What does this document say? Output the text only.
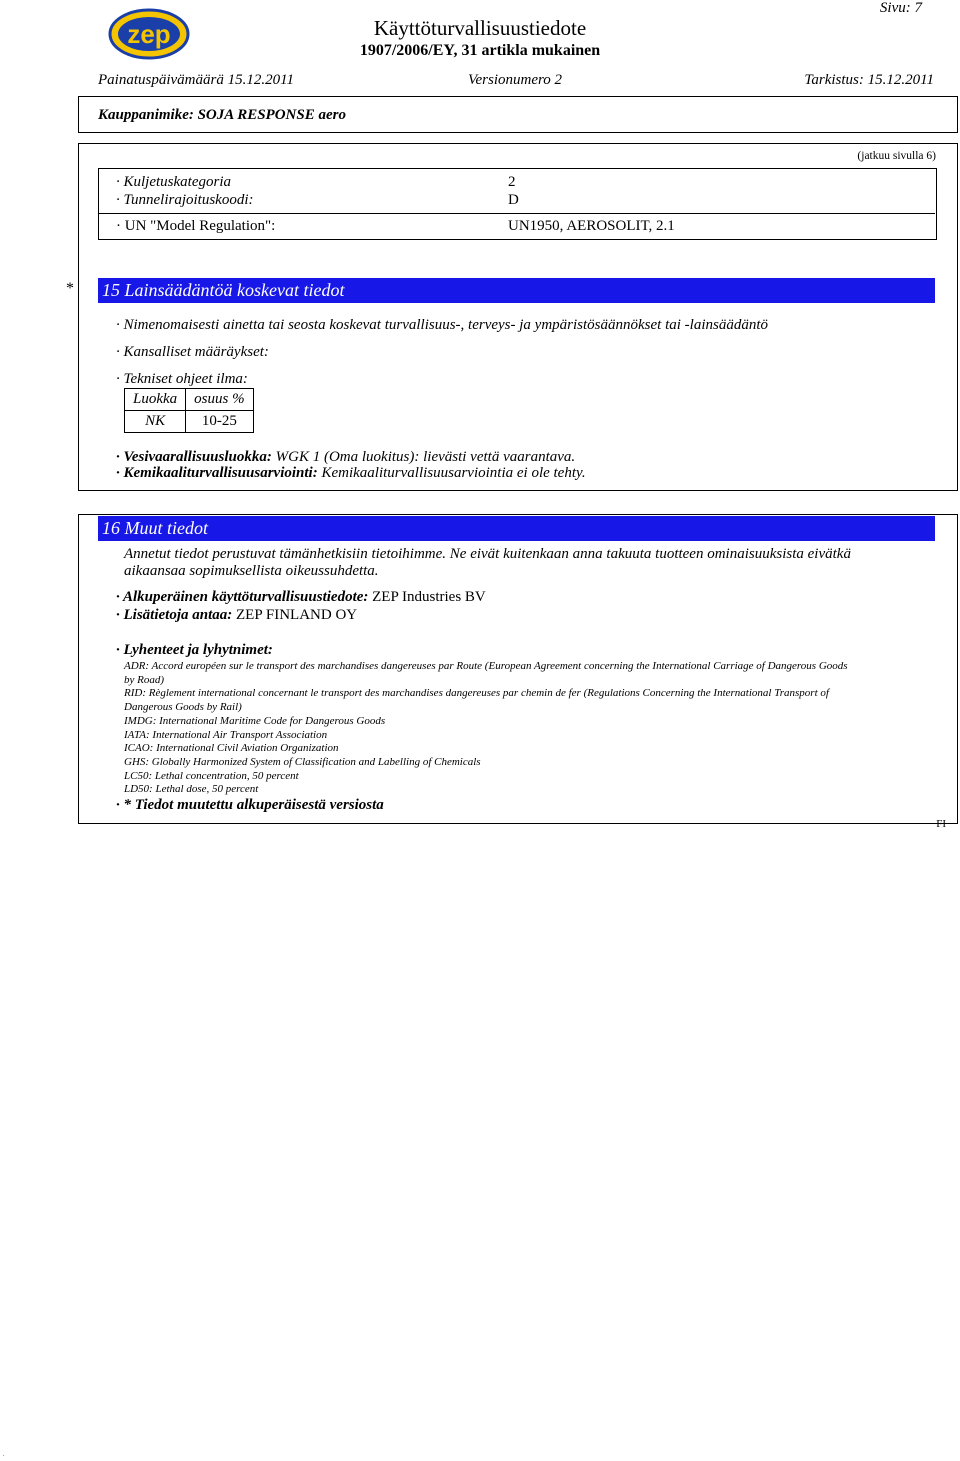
zep	Käyttöturvallisuustiedote
1907/2006/EY, 31 artikla mukainen
Sivu: 7
Painatuspäivämäärä 15.12.2011	Versionumero 2	Tarkistus: 15.12.2011
Kauppanimike: SOJA RESPONSE aero
(jatkuu sivulla 6)
· Kuljetuskategoria	2
· Tunnelirajoituskoodi:	D
· UN "Model Regulation":	UN1950, AEROSOLIT, 2.1
* 15 Lainsäädäntöä koskevat tiedot
· Nimenomaisesti ainetta tai seosta koskevat turvallisuus-, terveys- ja ympäristösäännökset tai -lainsäädäntö
· Kansalliset määräykset:
· Tekniset ohjeet ilma:
Luokka	osuus %
NK	10-25
· Vesivaarallisuusluokka: WGK 1 (Oma luokitus): lievästi vettä vaarantava.
· Kemikaaliturvallisuusarviointi: Kemikaaliturvallisuusarviointia ei ole tehty.
16 Muut tiedot
Annetut tiedot perustuvat tämänhetkisiin tietoihimme. Ne eivät kuitenkaan anna takuuta tuotteen ominaisuuksista eivätkä
aikaansaa sopimuksellista oikeussuhdetta.
· Alkuperäinen käyttöturvallisuustiedote: ZEP Industries BV
· Lisätietoja antaa: ZEP FINLAND OY
· Lyhenteet ja lyhytnimet:
ADR: Accord européen sur le transport des marchandises dangereuses par Route (European Agreement concerning the International Carriage of Dangerous Goods
by Road)
RID: Règlement international concernant le transport des marchandises dangereuses par chemin de fer (Regulations Concerning the International Transport of
Dangerous Goods by Rail)
IMDG: International Maritime Code for Dangerous Goods
IATA: International Air Transport Association
ICAO: International Civil Aviation Organization
GHS: Globally Harmonized System of Classification and Labelling of Chemicals
LC50: Lethal concentration, 50 percent
LD50: Lethal dose, 50 percent
· * Tiedot muutettu alkuperäisestä versiosta
FI
.
